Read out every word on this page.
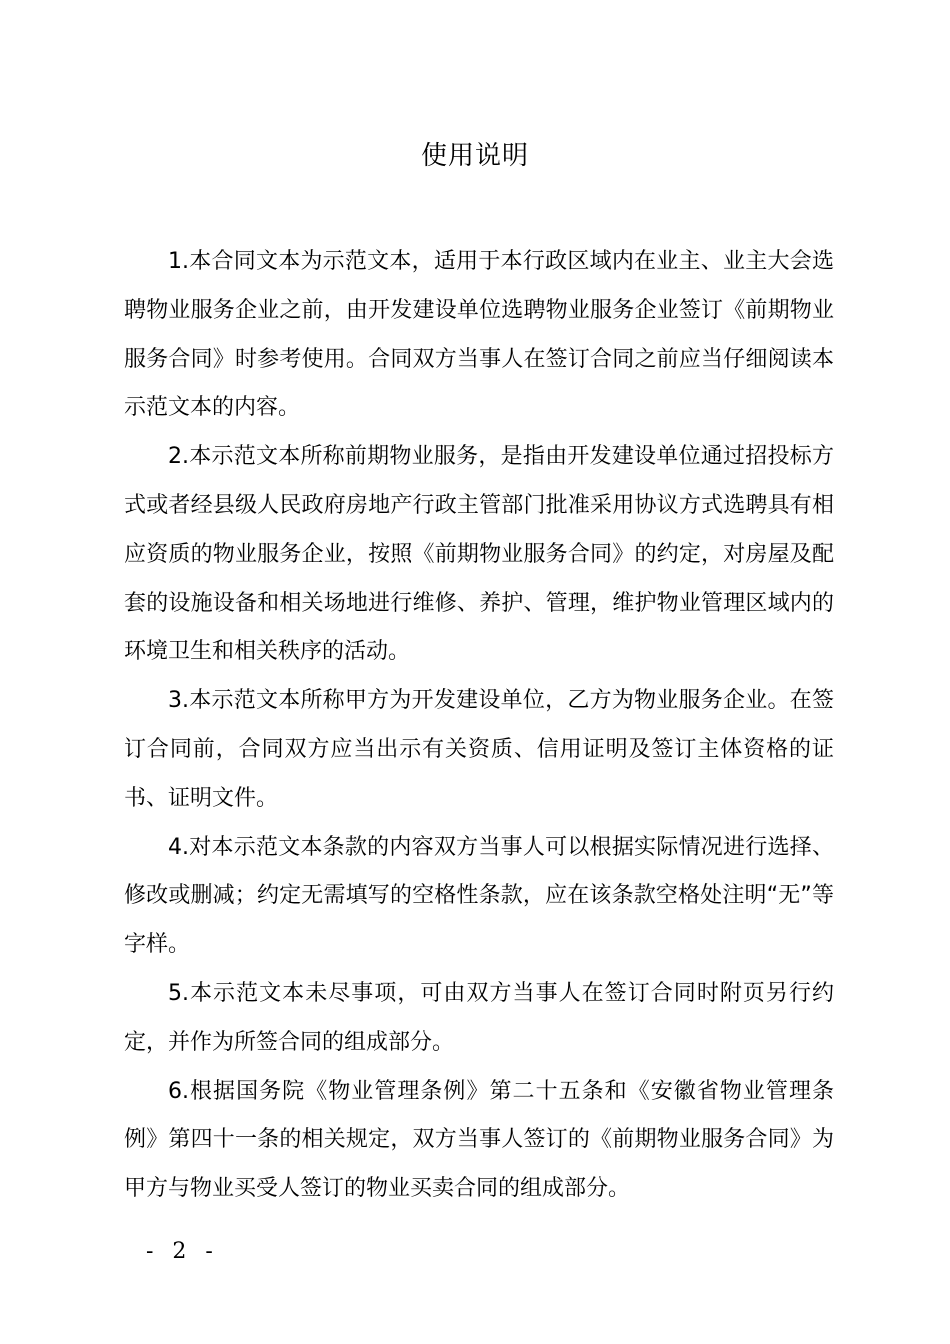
使用说明

1.本合同文本为示范文本，适用于本行政区域内在业主、业主大会选聘物业服务企业之前，由开发建设单位选聘物业服务企业签订《前期物业服务合同》时参考使用。合同双方当事人在签订合同之前应当仔细阅读本示范文本的内容。

2.本示范文本所称前期物业服务，是指由开发建设单位通过招投标方式或者经县级人民政府房地产行政主管部门批准采用协议方式选聘具有相应资质的物业服务企业，按照《前期物业服务合同》的约定，对房屋及配套的设施设备和相关场地进行维修、养护、管理，维护物业管理区域内的环境卫生和相关秩序的活动。

3.本示范文本所称甲方为开发建设单位，乙方为物业服务企业。在签订合同前，合同双方应当出示有关资质、信用证明及签订主体资格的证书、证明文件。

4.对本示范文本条款的内容双方当事人可以根据实际情况进行选择、修改或删减；约定无需填写的空格性条款，应在该条款空格处注明“无”等字样。

5.本示范文本未尽事项，可由双方当事人在签订合同时附页另行约定，并作为所签合同的组成部分。

6.根据国务院《物业管理条例》第二十五条和《安徽省物业管理条例》第四十一条的相关规定，双方当事人签订的《前期物业服务合同》为甲方与物业买受人签订的物业买卖合同的组成部分。

- 2 -
